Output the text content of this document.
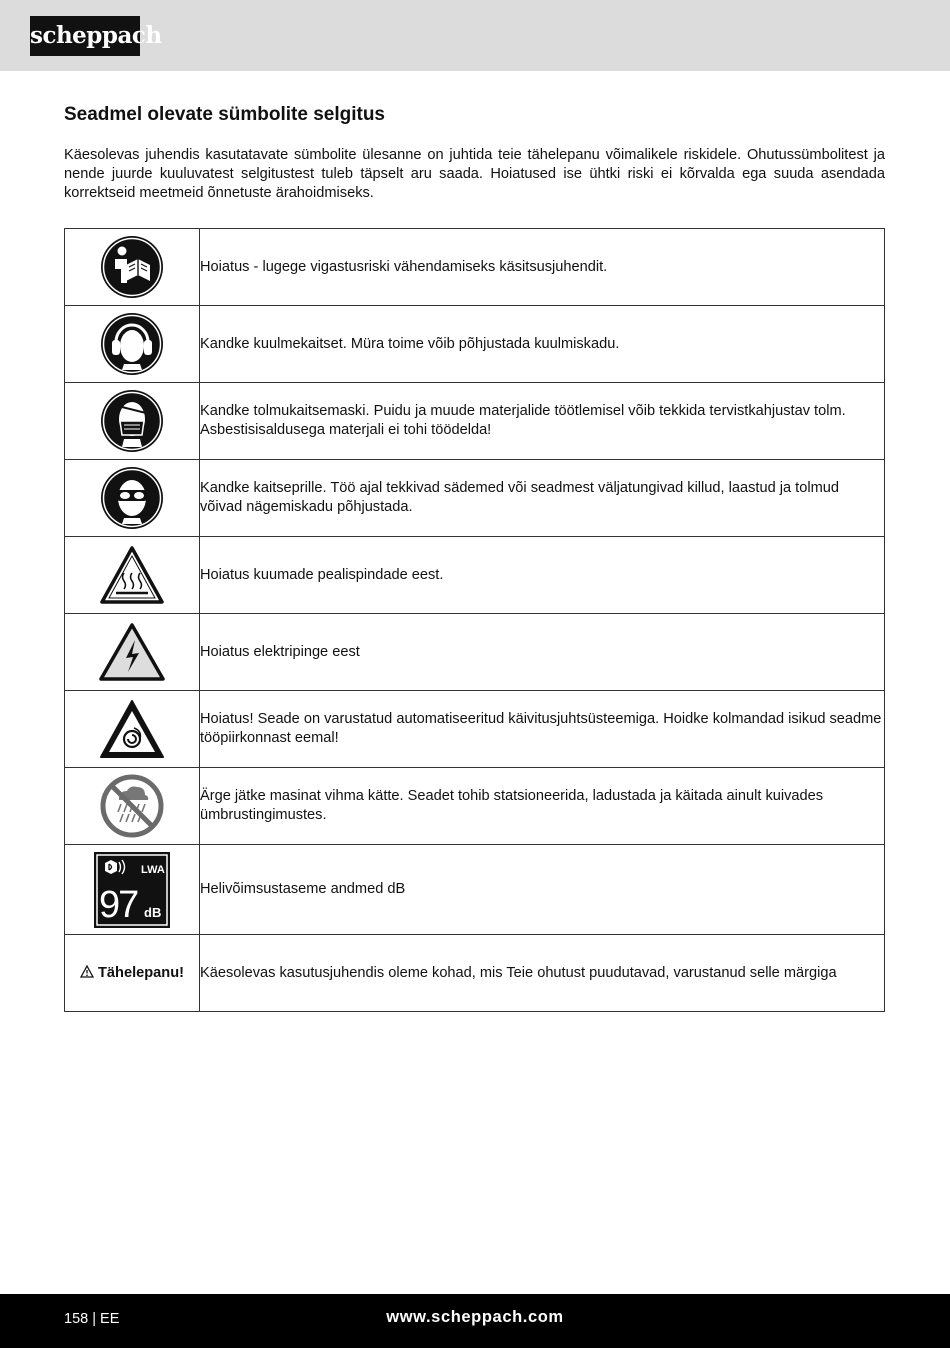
scheppach
Seadmel olevate sümbolite selgitus

Käesolevas juhendis kasutatavate sümbolite ülesanne on juhtida teie tähelepanu võimalikele riskidele. Ohutussümbolitest ja nende juurde kuuluvatest selgitustest tuleb täpselt aru saada. Hoiatused ise ühtki riski ei kõrvalda ega suuda asendada korrektseid meetmeid õnnetuste ärahoidmiseks.

	Hoiatus - lugege vigastusriski vähendamiseks käsitsusjuhendit.

	Kandke kuulmekaitset. Müra toime võib põhjustada kuulmiskadu.

	Kandke tolmukaitsemaski. Puidu ja muude materjalide töötlemisel võib tekkida tervistkahjustav tolm. Asbestisisaldusega materjali ei tohi töödelda!

	Kandke kaitseprille. Töö ajal tekkivad sädemed või seadmest väljatungivad killud, laastud ja tolmud võivad nägemiskadu põhjustada.

	Hoiatus kuumade pealispindade eest.

	Hoiatus elektripinge eest

	Hoiatus! Seade on varustatud automatiseeritud käivitusjuhtsüsteemiga. Hoidke kolmandad isikud seadme tööpiirkonnast eemal!

	Ärge jätke masinat vihma kätte. Seadet tohib statsioneerida, ladustada ja käitada ainult kuivades ümbrustingimustes.

LWA
97 dB	Helivõimsustaseme andmed dB
Tähelepanu!	Käesolevas kasutusjuhendis oleme kohad, mis Teie ohutust puudutavad, varustanud selle märgiga
158 | EE	www.scheppach.com
